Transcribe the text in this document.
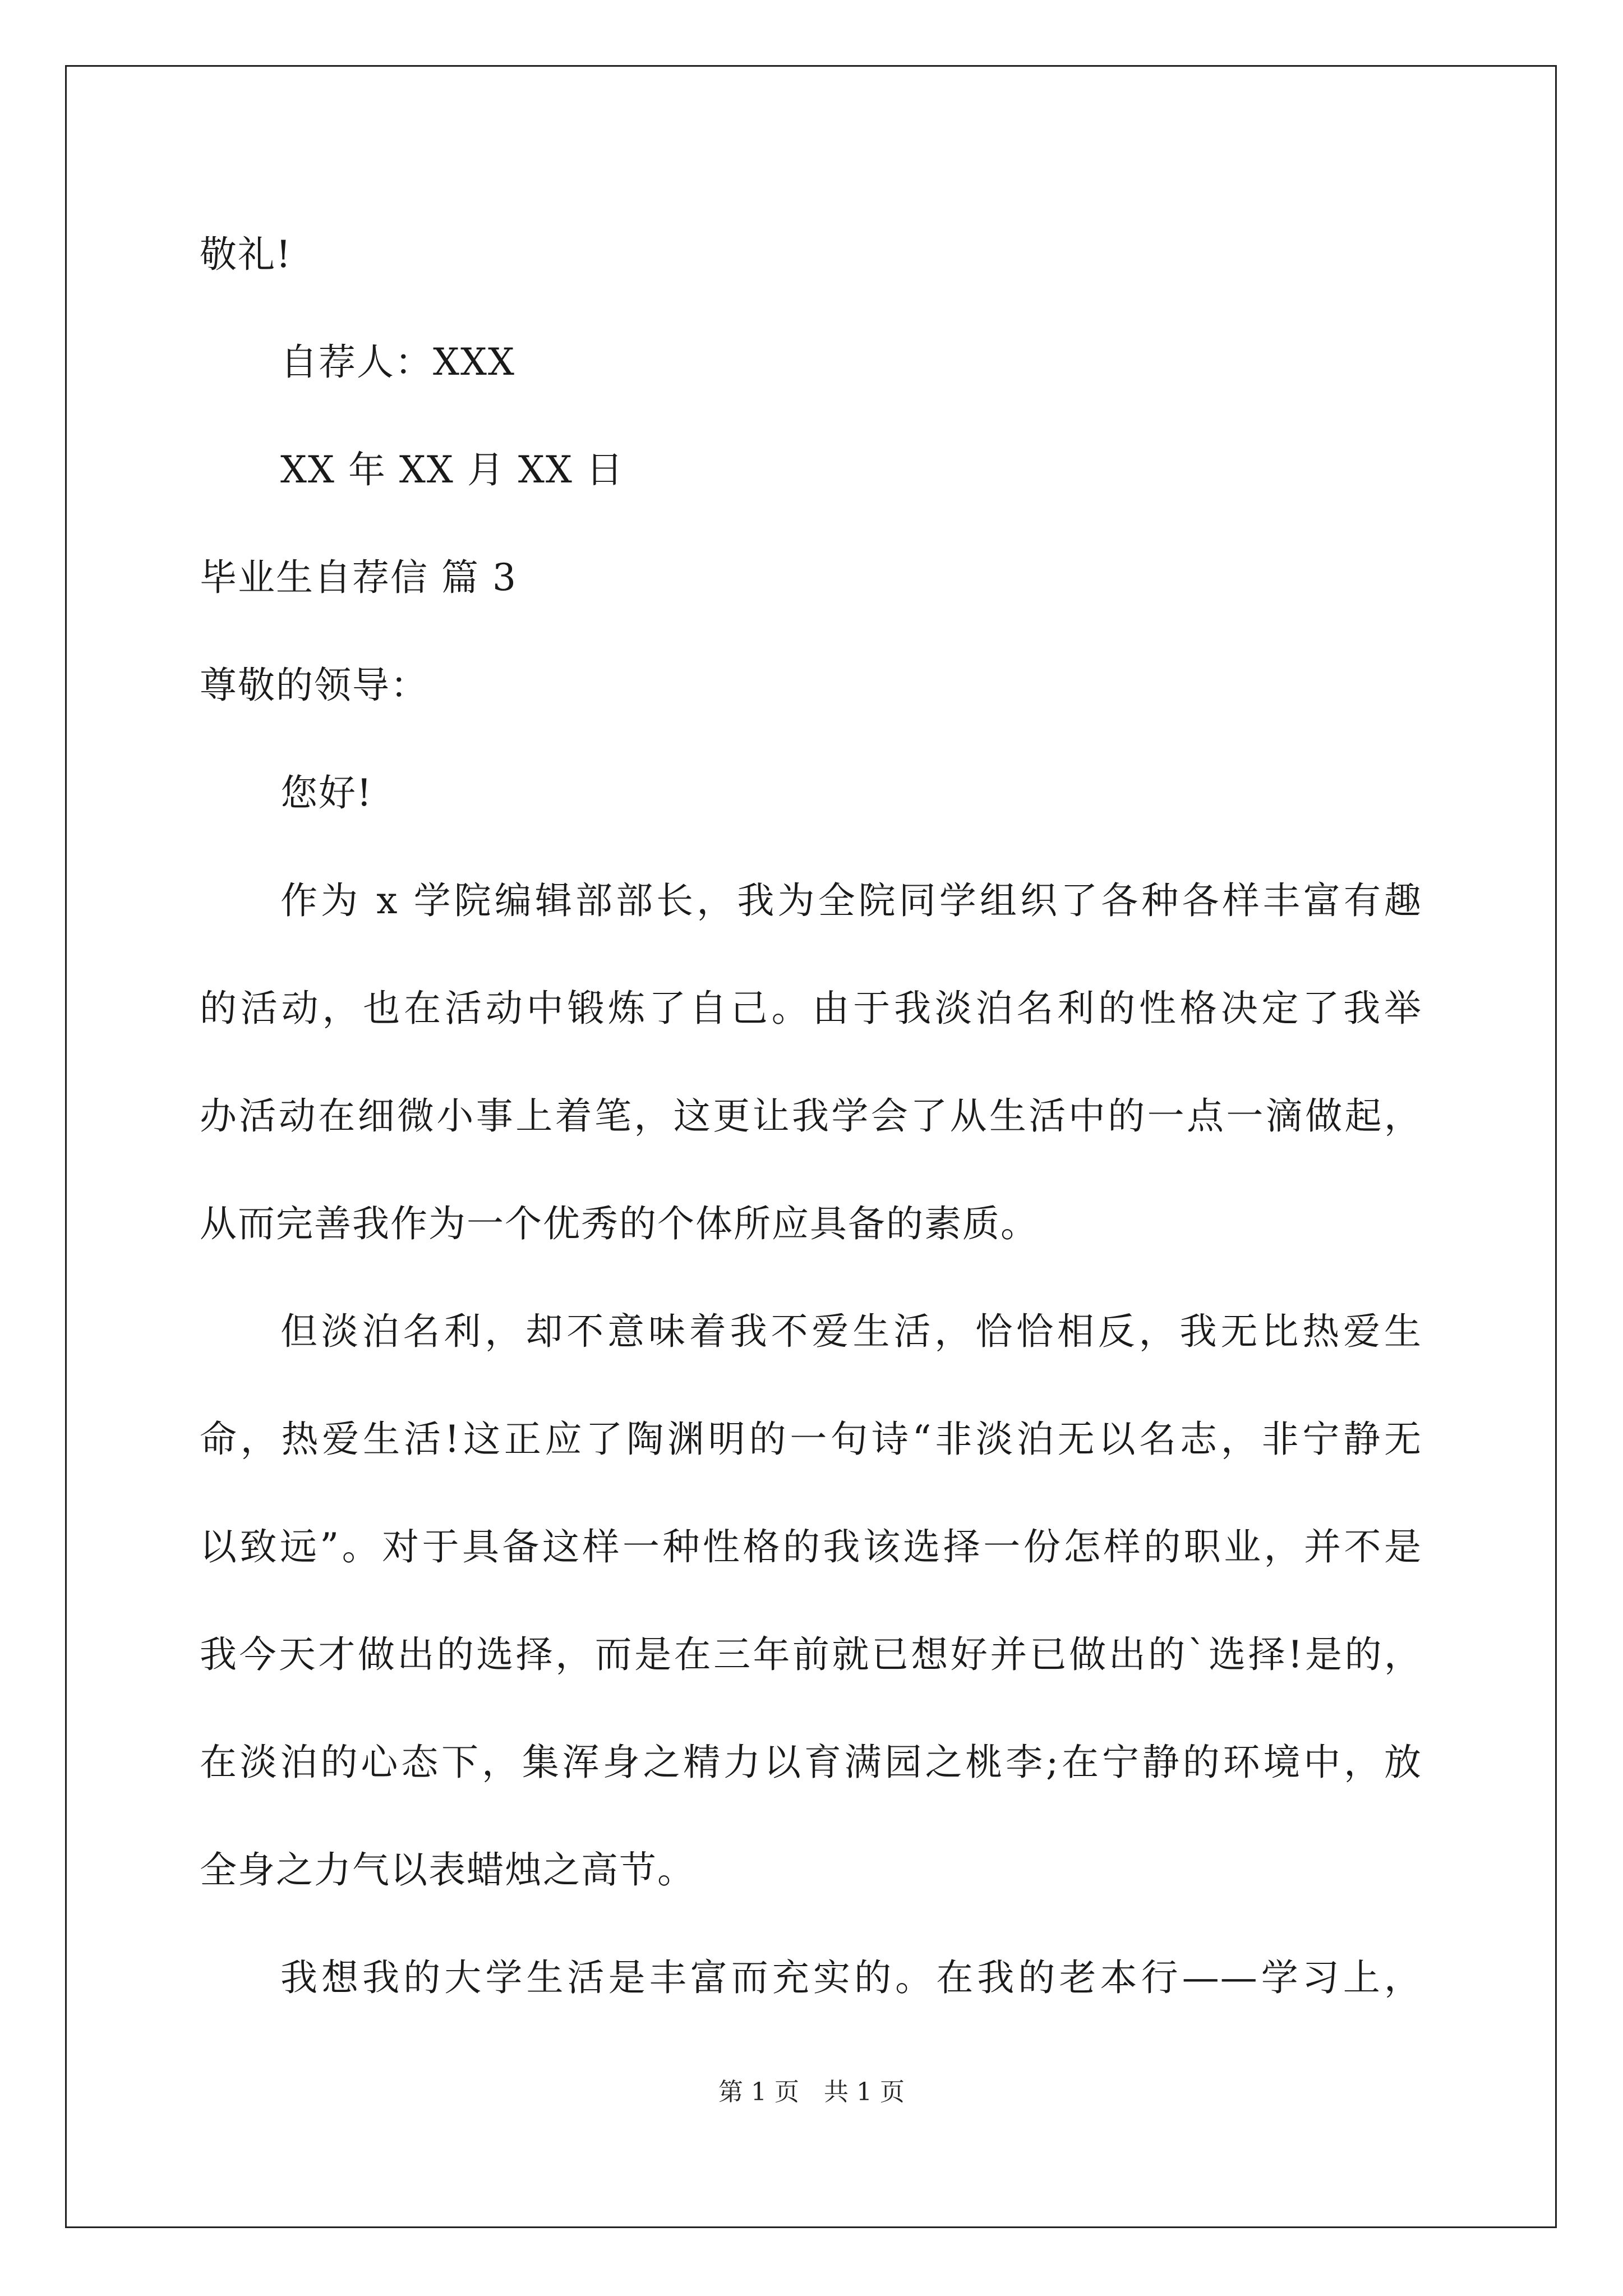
敬礼!
自荐人：XXX
XX 年 XX 月 XX 日
毕业生自荐信 篇 3
尊敬的领导：
您好!
作为 x 学院编辑部部长，我为全院同学组织了各种各样丰富有趣
的活动，也在活动中锻炼了自己。由于我淡泊名利的性格决定了我举
办活动在细微小事上着笔，这更让我学会了从生活中的一点一滴做起，
从而完善我作为一个优秀的个体所应具备的素质。
但淡泊名利，却不意味着我不爱生活，恰恰相反，我无比热爱生
命，热爱生活!这正应了陶渊明的一句诗“非淡泊无以名志，非宁静无
以致远”。对于具备这样一种性格的我该选择一份怎样的职业，并不是
我今天才做出的选择，而是在三年前就已想好并已做出的`选择!是的，
在淡泊的心态下，集浑身之精力以育满园之桃李;在宁静的环境中，放
全身之力气以表蜡烛之高节。
我想我的大学生活是丰富而充实的。在我的老本行——学习上，
第 1 页　共 1 页
